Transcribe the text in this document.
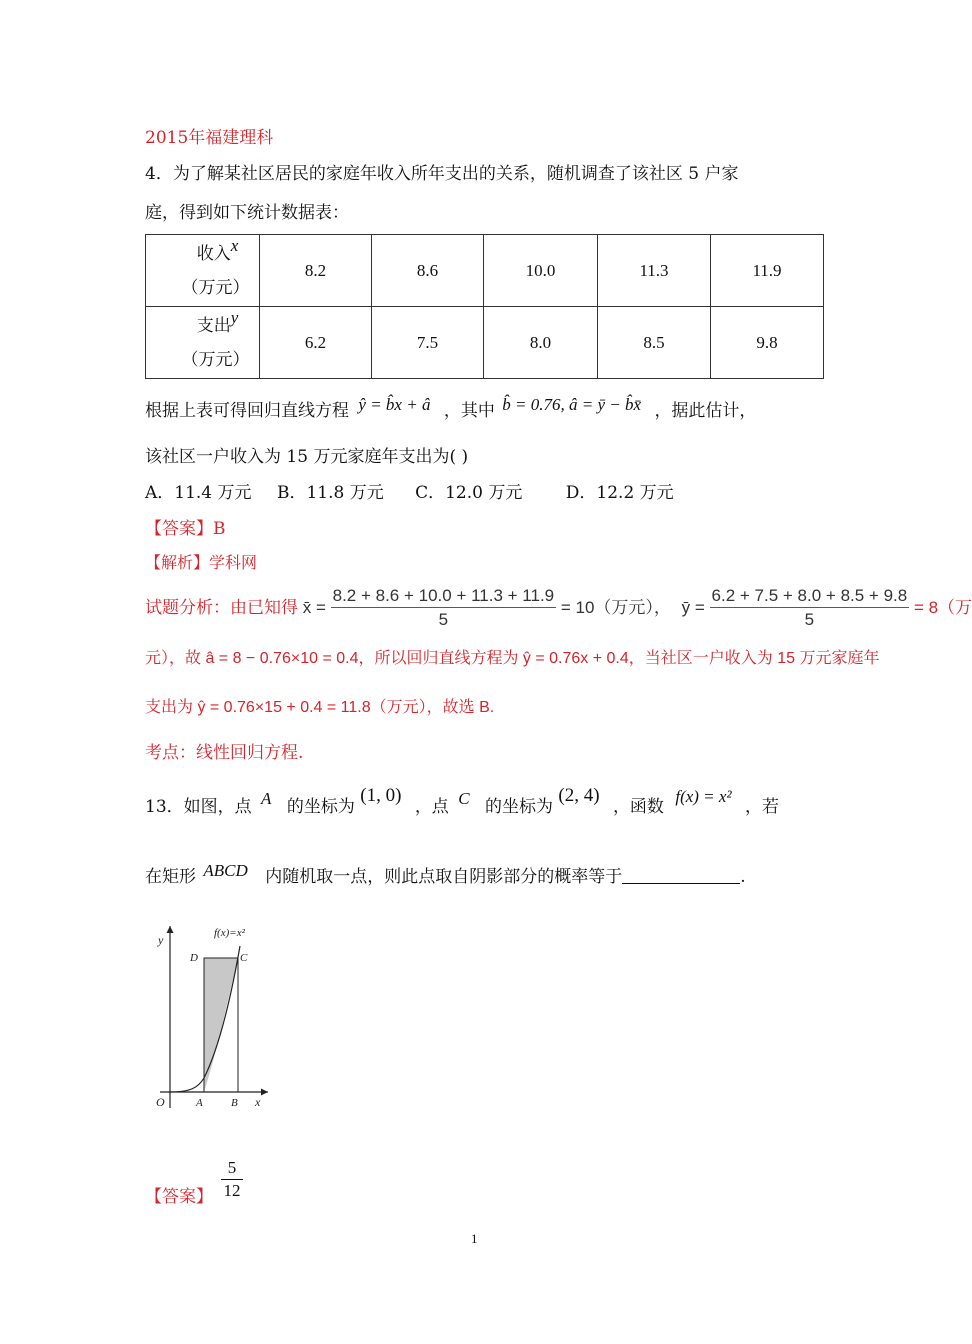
2015年福建理科
4．为了解某社区居民的家庭年收入所年支出的关系，随机调查了该社区 5 户家
庭，得到如下统计数据表：
收入x
（万元）	8.2	8.6	10.0	11.3	11.9
支出y
（万元）	6.2	7.5	8.0	8.5	9.8
根据上表可得回归直线方程 ŷ = b̂x + â ，其中 b̂ = 0.76, â = ȳ − b̂x̄ ，据此估计，
该社区一户收入为 15 万元家庭年支出为( )
A．11.4 万元 B．11.8 万元 C．12.0 万元	D．12.2 万元
【答案】B
【解析】学科网
试题分析：由已知得 x̄ = $\frac{8.2 + 8.6 + 10.0 + 11.3 + 11.9}{5} = 10$（万元）， ȳ = $\frac{6.2 + 7.5 + 8.0 + 8.5 + 9.8}{5} = 8$（万
元），故 â = 8 − 0.76×10 = 0.4，所以回归直线方程为 ŷ = 0.76x + 0.4，当社区一户收入为 15 万元家庭年
支出为 ŷ = 0.76×15 + 0.4 = 11.8（万元），故选 B.
考点：线性回归方程.
13．如图，点 A 的坐标为 (1, 0) ，点 C 的坐标为 (2, 4) ，函数 f(x) = x² ，若
在矩形 ABCD 内随机取一点，则此点取自阴影部分的概率等于	.
f(x)=x²
y
x
O	A	B
C
D
【答案】 $\frac{5}{12}$
1
